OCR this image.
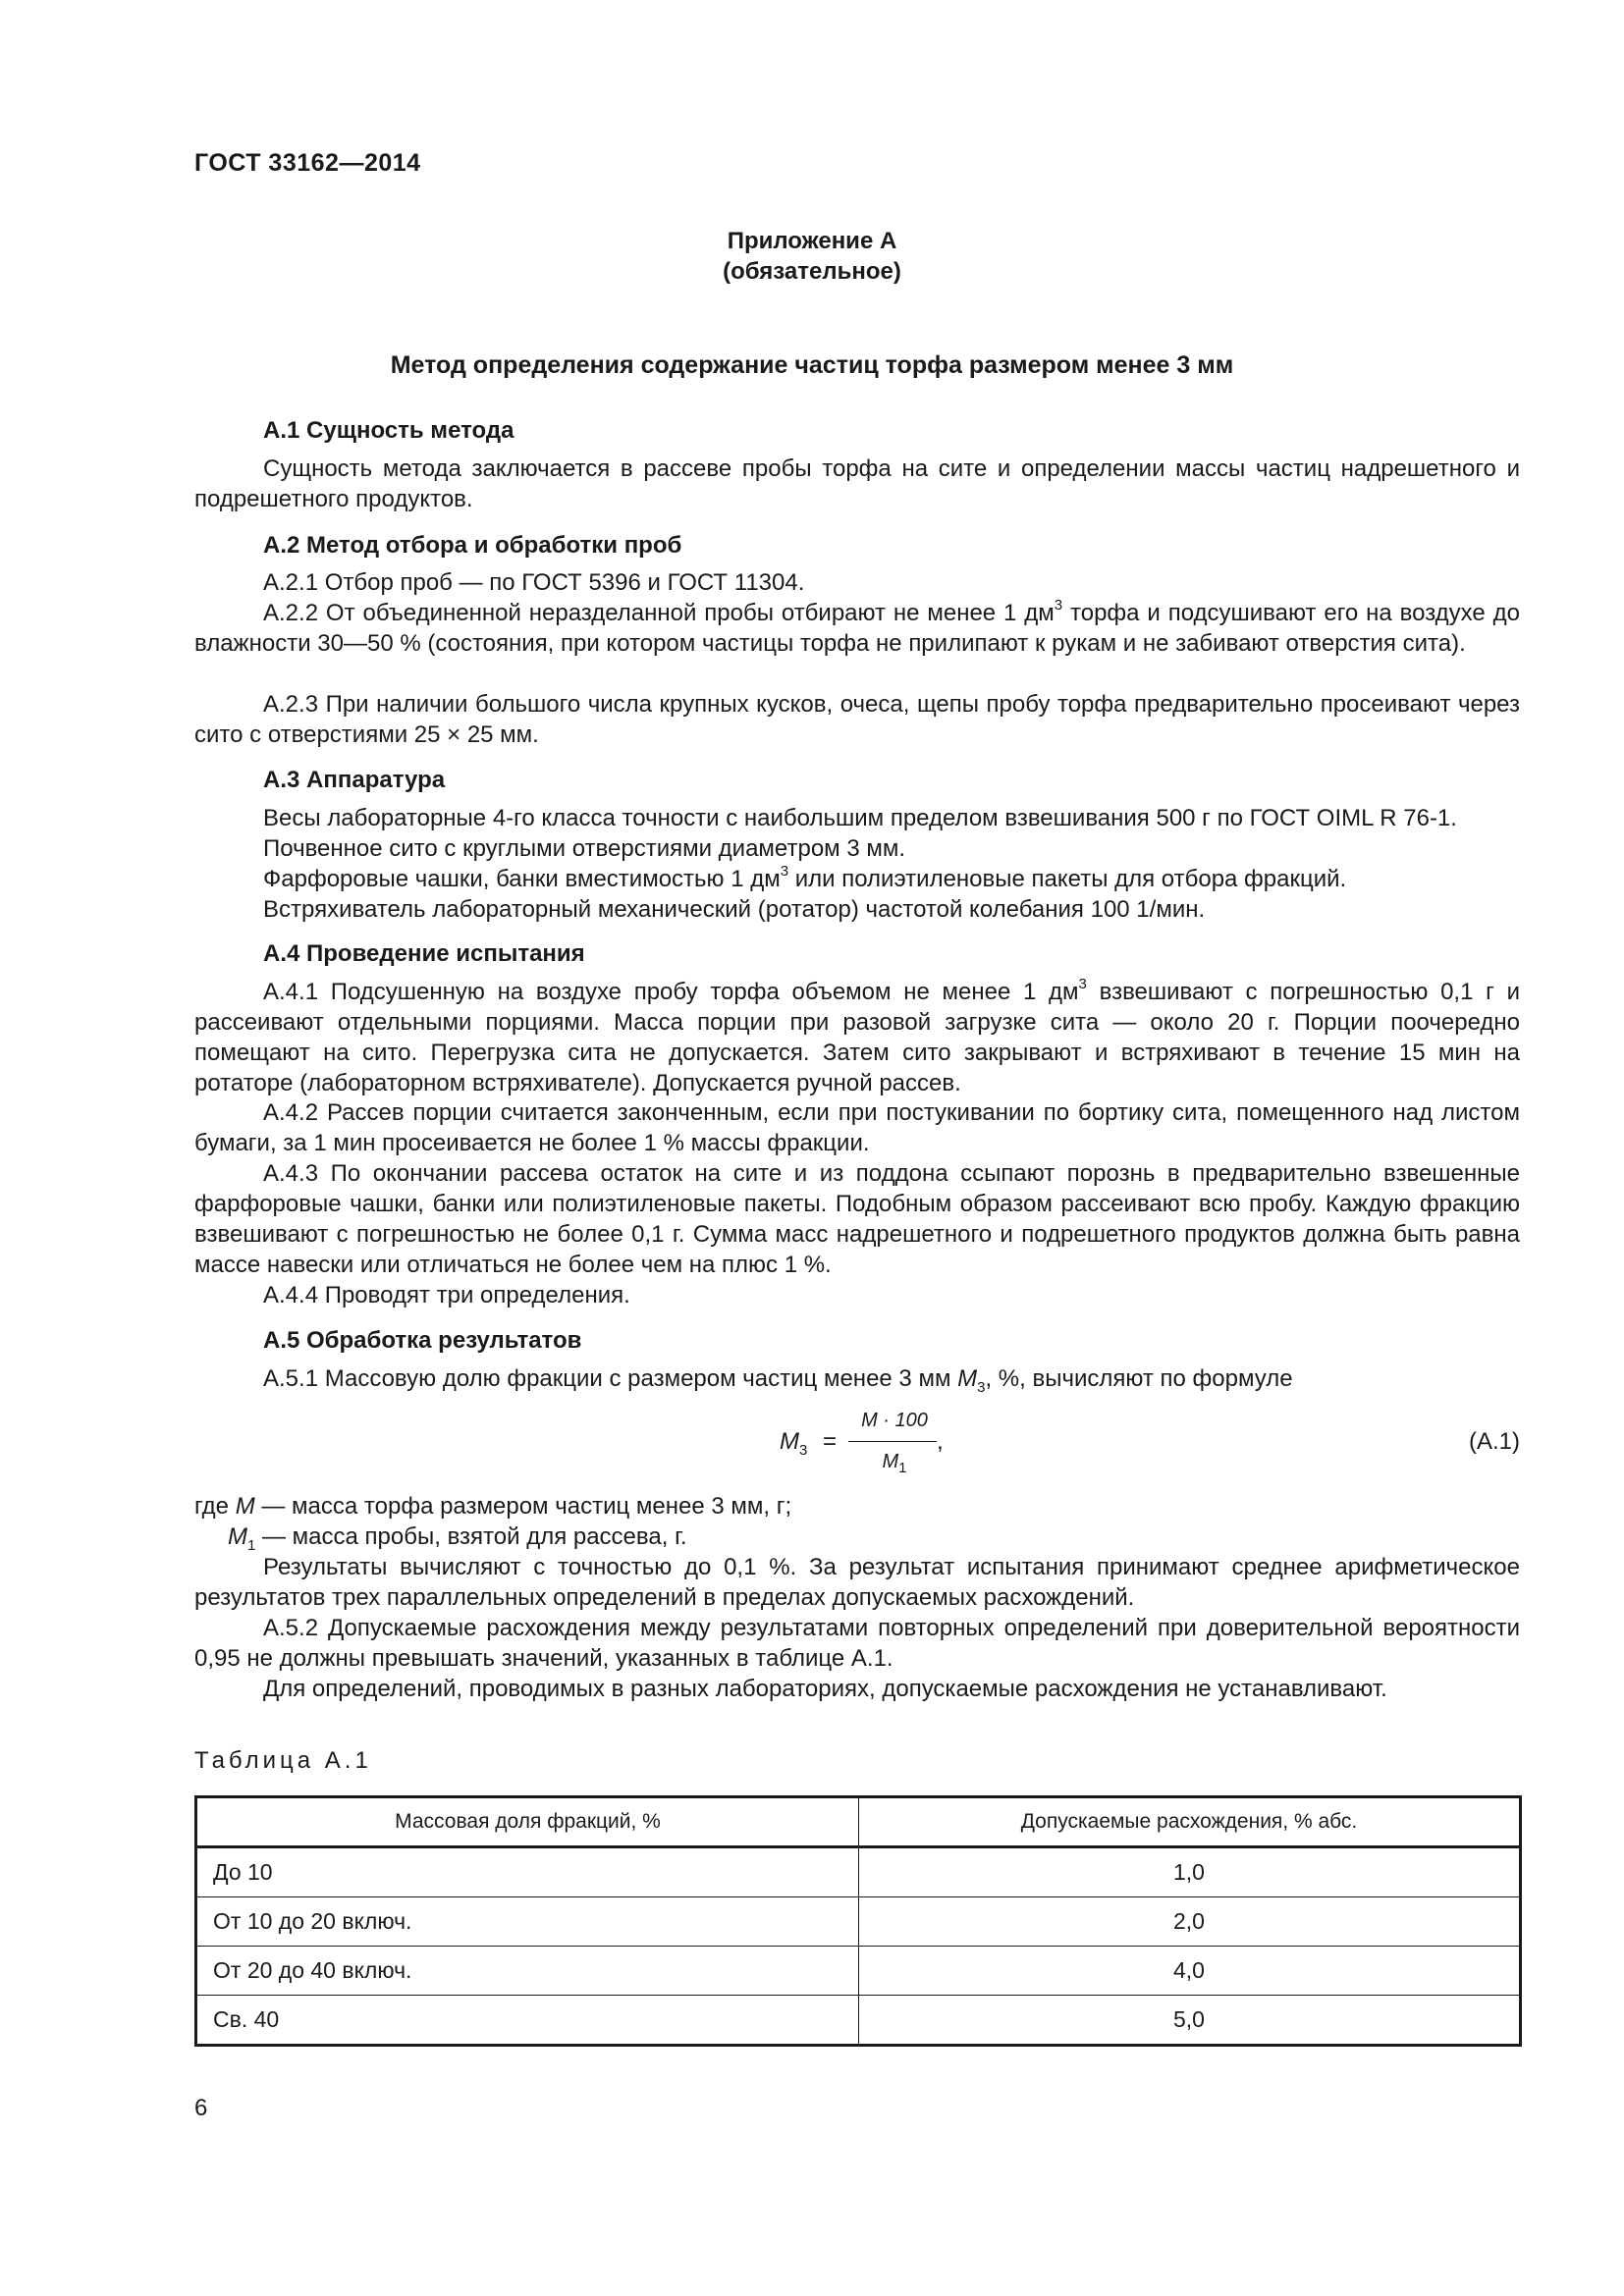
ГОСТ 33162—2014
Приложение А
(обязательное)
Метод определения содержание частиц торфа размером менее 3 мм
А.1 Сущность метода
Сущность метода заключается в рассеве пробы торфа на сите и определении массы частиц надрешетного и подрешетного продуктов.
А.2 Метод отбора и обработки проб
А.2.1 Отбор проб — по ГОСТ 5396 и ГОСТ 11304.
А.2.2 От объединенной неразделанной пробы отбирают не менее 1 $дм^3$ торфа и подсушивают его на воздухе до влажности 30—50 % (состояния, при котором частицы торфа не прилипают к рукам и не забивают отверстия сита).
А.2.3 При наличии большого числа крупных кусков, очеса, щепы пробу торфа предварительно просеивают через сито с отверстиями 25 × 25 мм.
А.3 Аппаратура
Весы лабораторные 4-го класса точности с наибольшим пределом взвешивания 500 г по ГОСТ OIML R 76-1.
Почвенное сито с круглыми отверстиями диаметром 3 мм.
Фарфоровые чашки, банки вместимостью 1 $дм^3$ или полиэтиленовые пакеты для отбора фракций.
Встряхиватель лабораторный механический (ротатор) частотой колебания 100 1/мин.
А.4 Проведение испытания
А.4.1 Подсушенную на воздухе пробу торфа объемом не менее 1 $дм^3$ взвешивают с погрешностью 0,1 г и рассеивают отдельными порциями. Масса порции при разовой загрузке сита — около 20 г. Порции поочередно помещают на сито. Перегрузка сита не допускается. Затем сито закрывают и встряхивают в течение 15 мин на ротаторе (лабораторном встряхивателе). Допускается ручной рассев.
А.4.2 Рассев порции считается законченным, если при постукивании по бортику сита, помещенного над листом бумаги, за 1 мин просеивается не более 1 % массы фракции.
А.4.3 По окончании рассева остаток на сите и из поддона ссыпают порознь в предварительно взвешенные фарфоровые чашки, банки или полиэтиленовые пакеты. Подобным образом рассеивают всю пробу. Каждую фракцию взвешивают с погрешностью не более 0,1 г. Сумма масс надрешетного и подрешетного продуктов должна быть равна массе навески или отличаться не более чем на плюс 1 %.
А.4.4 Проводят три определения.
А.5 Обработка результатов
А.5.1 Массовую долю фракции с размером частиц менее 3 мм $M_3$, %, вычисляют по формуле
$M_3$ =
M · 100
$M_1$
,	(А.1)
где M — масса торфа размером частиц менее 3 мм, г;
$M_1$ — масса пробы, взятой для рассева, г.
Результаты вычисляют с точностью до 0,1 %. За результат испытания принимают среднее арифметическое результатов трех параллельных определений в пределах допускаемых расхождений.
А.5.2 Допускаемые расхождения между результатами повторных определений при доверительной вероятности 0,95 не должны превышать значений, указанных в таблице А.1.
Для определений, проводимых в разных лабораториях, допускаемые расхождения не устанавливают.
Таблица А.1
Массовая доля фракций, %	Допускаемые расхождения, % абс.
До 10	1,0
От 10 до 20 включ.	2,0
От 20 до 40 включ.	4,0
Св. 40	5,0
6
